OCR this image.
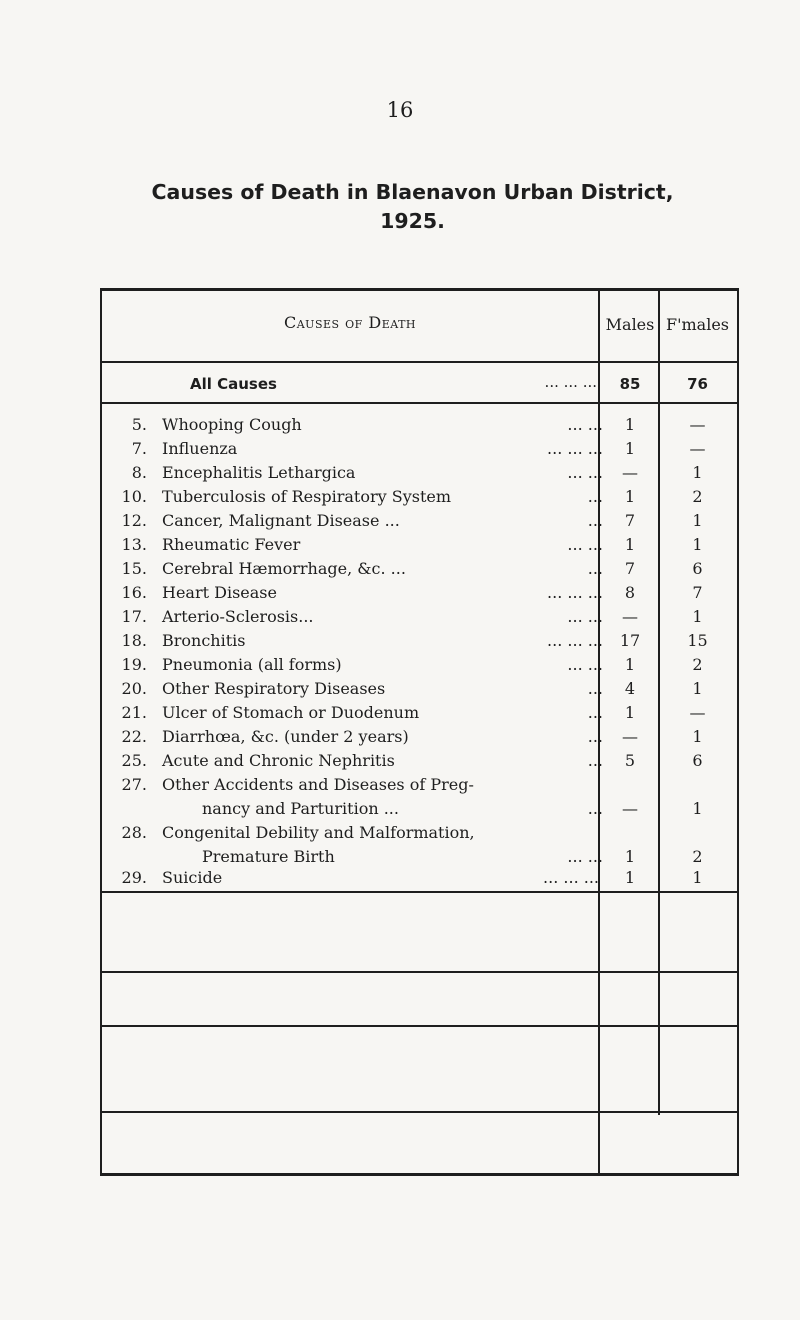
16
Causes of Death in Blaenavon Urban District,
1925.
Causes of Death	Males F'males
All Causes	... ... ...	85	76
5. Whooping Cough	... ...	1	—
7. Influenza	... ... ...	1	—
8. Encephalitis Lethargica	... ...	—	1
10. Tuberculosis of Respiratory System	...	1	2
12. Cancer, Malignant Disease ...	...	7	1
13. Rheumatic Fever	... ...	1	1
15. Cerebral Hæmorrhage, &c. ...	...	7	6
16. Heart Disease	... ... ...	8	7
17. Arterio-Sclerosis...	... ...	—	1
18. Bronchitis	... ... ...	17	15
19. Pneumonia (all forms)	... ...	1	2
20. Other Respiratory Diseases	...	4	1
21. Ulcer of Stomach or Duodenum	...	1	—
22. Diarrhœa, &c. (under 2 years)	...	—	1
25. Acute and Chronic Nephritis	...	5	6
27. Other Accidents and Diseases of Preg-
nancy and Parturition ...	...	—	1
28. Congenital Debility and Malformation,
Premature Birth	... ...	1	2
29. Suicide	... ... ...	1	1
